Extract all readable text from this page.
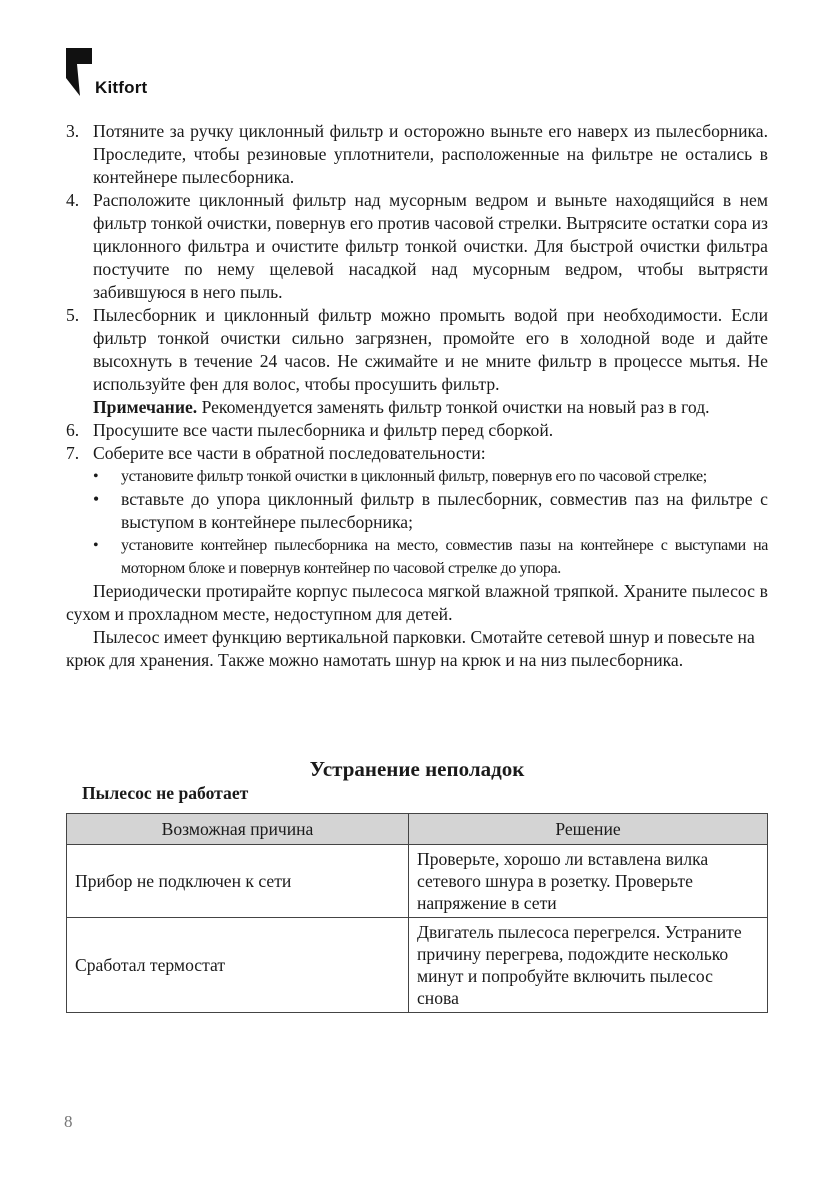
Kitfort
3. Потяните за ручку циклонный фильтр и осторожно выньте его наверх из пылесборника. Проследите, чтобы резиновые уплотнители, расположенные на фильтре не остались в контейнере пылесборника.
4. Расположите циклонный фильтр над мусорным ведром и выньте находящийся в нем фильтр тонкой очистки, повернув его против часовой стрелки. Вытрясите остатки сора из циклонного фильтра и очистите фильтр тонкой очистки. Для быстрой очистки фильтра постучите по нему щелевой насадкой над мусорным ведром, чтобы вытрясти забившуюся в него пыль.
5. Пылесборник и циклонный фильтр можно промыть водой при необходимости. Если фильтр тонкой очистки сильно загрязнен, промойте его в холодной воде и дайте высохнуть в течение 24 часов. Не сжимайте и не мните фильтр в процессе мытья. Не используйте фен для волос, чтобы просушить фильтр.
Примечание. Рекомендуется заменять фильтр тонкой очистки на новый раз в год.
6. Просушите все части пылесборника и фильтр перед сборкой.
7. Соберите все части в обратной последовательности:
• установите фильтр тонкой очистки в циклонный фильтр, повернув его по часовой стрелке;
• вставьте до упора циклонный фильтр в пылесборник, совместив паз на фильтре с выступом в контейнере пылесборника;
• установите контейнер пылесборника на место, совместив пазы на контейнере с выступами на моторном блоке и повернув контейнер по часовой стрелке до упора.
Периодически протирайте корпус пылесоса мягкой влажной тряпкой. Храните пылесос в сухом и прохладном месте, недоступном для детей.
Пылесос имеет функцию вертикальной парковки. Смотайте сетевой шнур и повесьте на крюк для хранения. Также можно намотать шнур на крюк и на низ пылесборника.
Устранение неполадок
Пылесос не работает
Возможная причина	Решение
Прибор не подключен к сети	Проверьте, хорошо ли вставлена вилка сетевого шнура в розетку. Проверьте напряжение в сети
Сработал термостат	Двигатель пылесоса перегрелся. Устраните причину перегрева, подождите несколько минут и попробуйте включить пылесос снова
8
